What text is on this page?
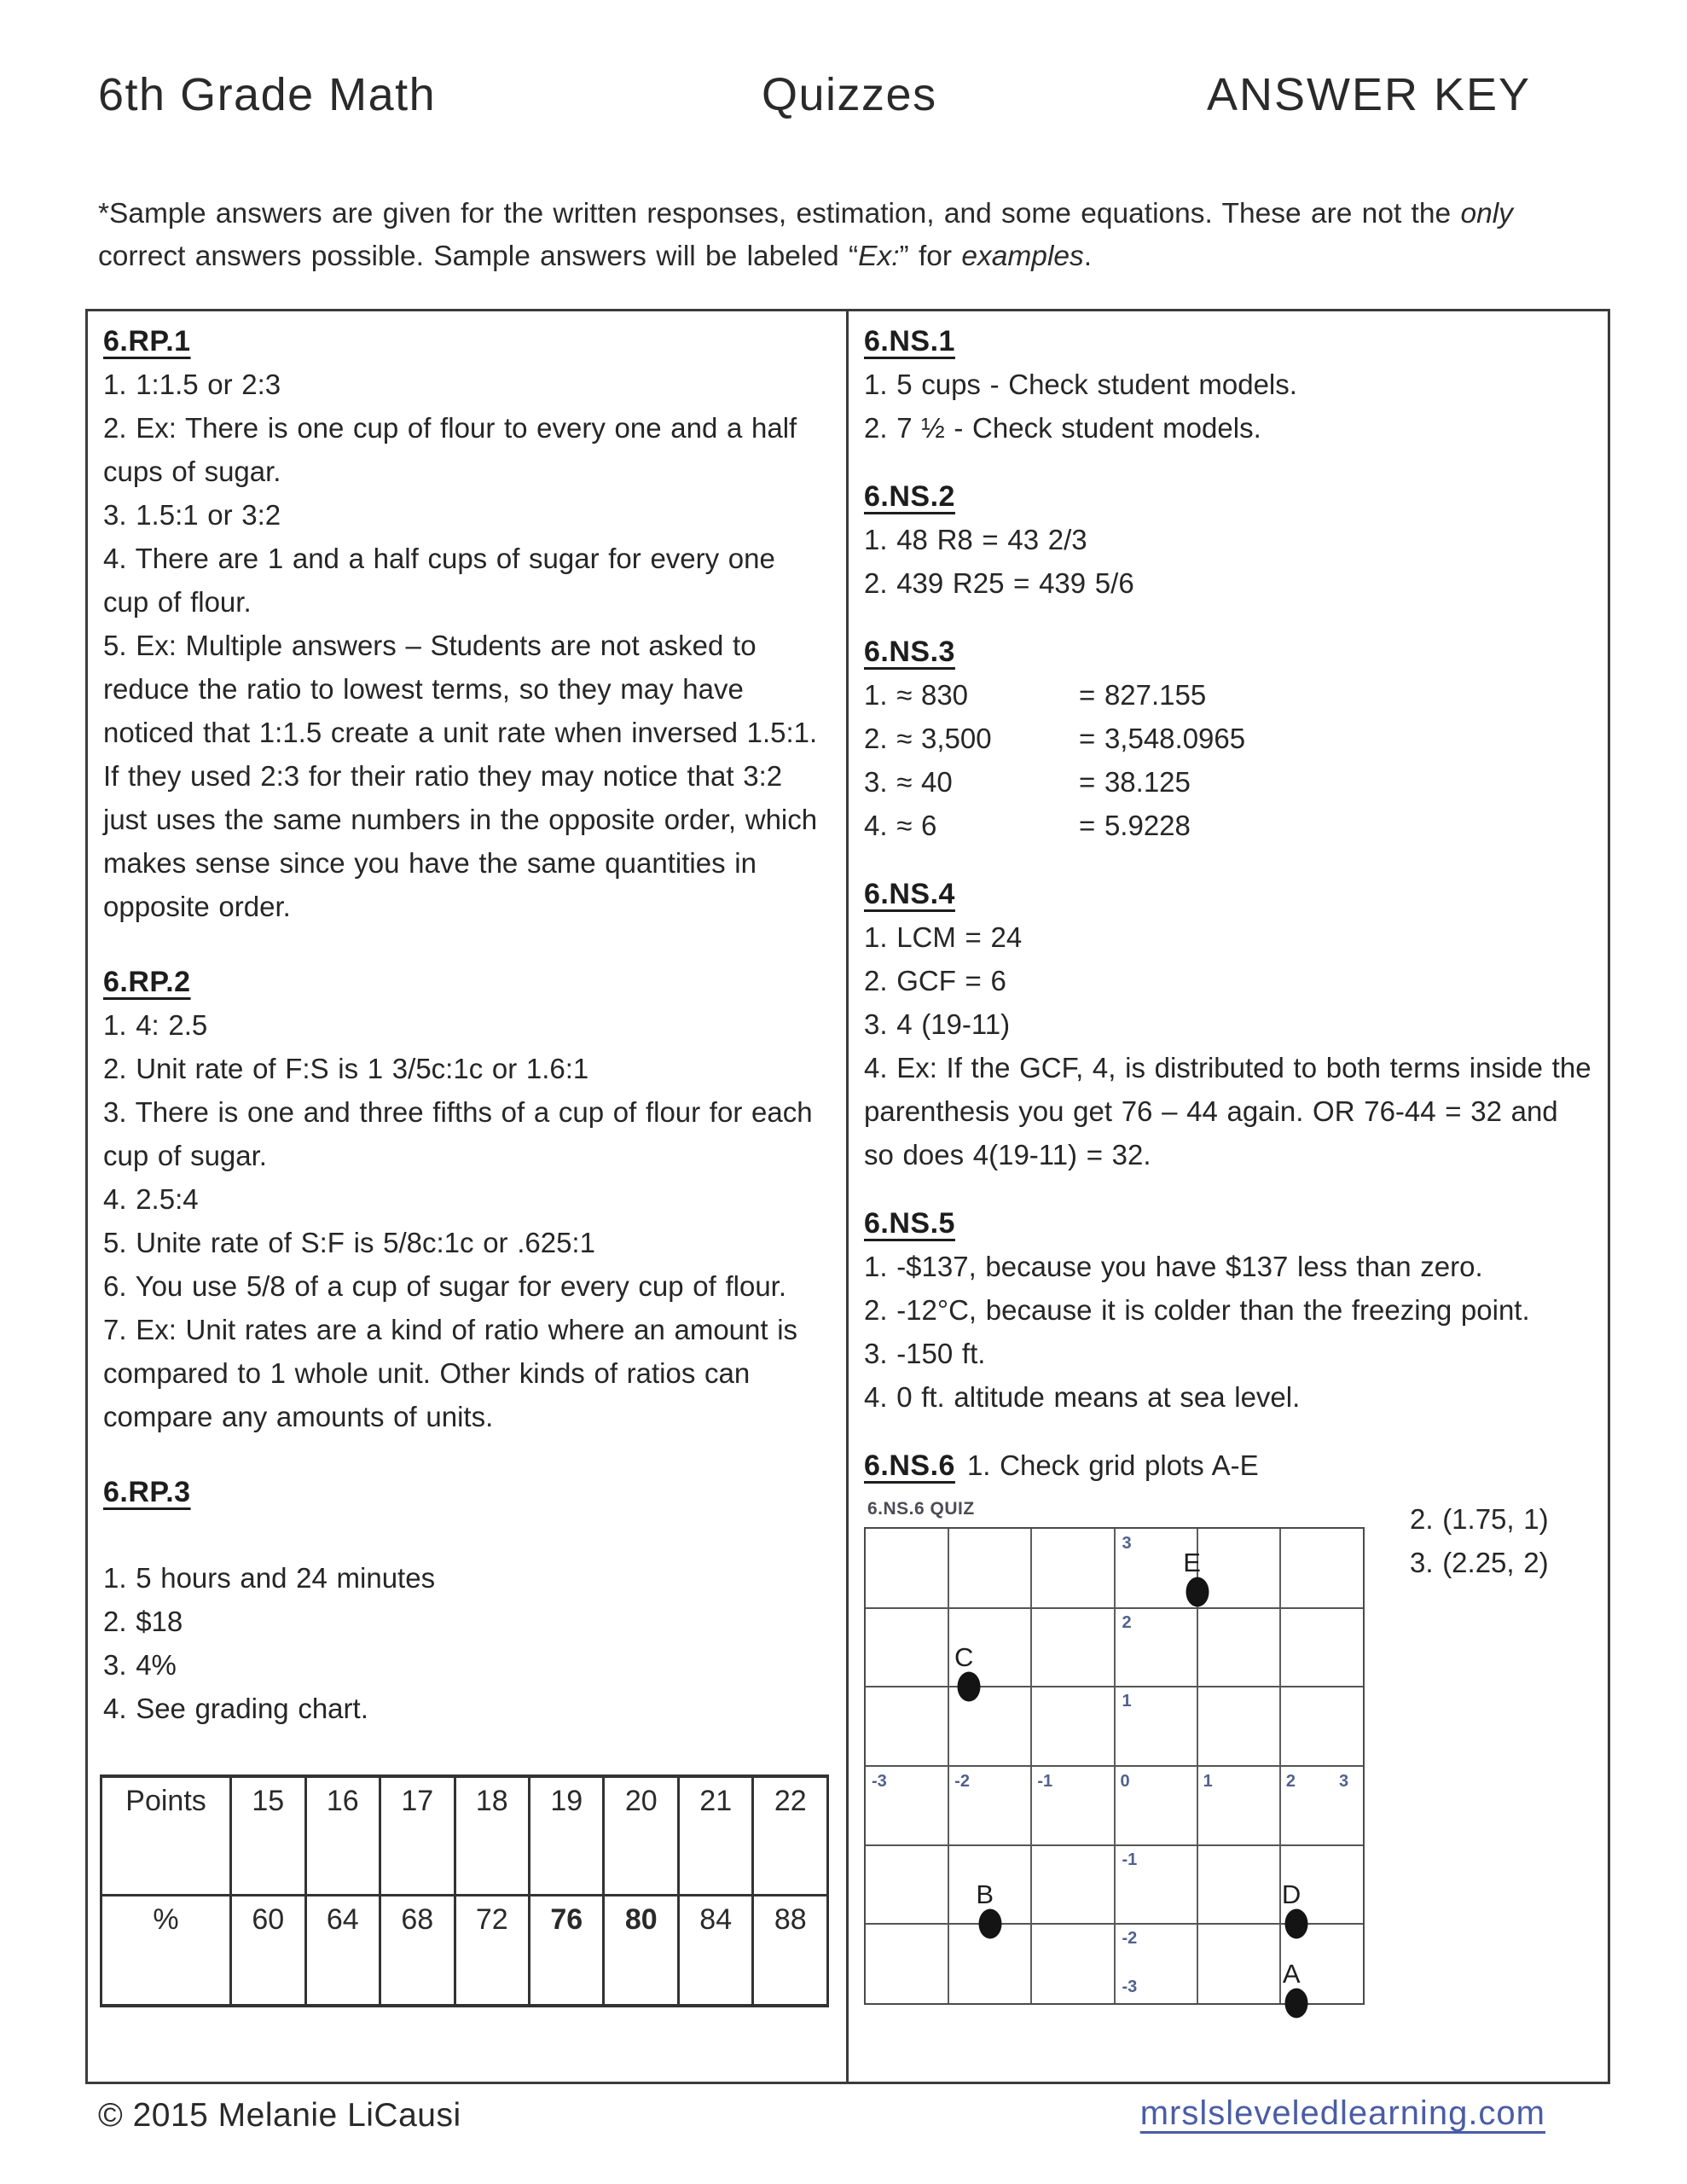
6th Grade Math	Quizzes	ANSWER KEY
*Sample answers are given for the written responses, estimation, and some equations. These are not the only correct answers possible. Sample answers will be labeled “Ex:” for examples.
6.RP.1
1. 1:1.5 or 2:3
2. Ex: There is one cup of flour to every one and a half cups of sugar.
3. 1.5:1 or 3:2
4. There are 1 and a half cups of sugar for every one cup of flour.
5. Ex: Multiple answers – Students are not asked to reduce the ratio to lowest terms, so they may have noticed that 1:1.5 create a unit rate when inversed 1.5:1. If they used 2:3 for their ratio they may notice that 3:2 just uses the same numbers in the opposite order, which makes sense since you have the same quantities in opposite order.
6.RP.2
1. 4: 2.5
2. Unit rate of F:S is 1 3/5c:1c or 1.6:1
3. There is one and three fifths of a cup of flour for each cup of sugar.
4. 2.5:4
5. Unite rate of S:F is 5/8c:1c or .625:1
6. You use 5/8 of a cup of sugar for every cup of flour.
7. Ex: Unit rates are a kind of ratio where an amount is compared to 1 whole unit. Other kinds of ratios can compare any amounts of units.
6.RP.3
1. 5 hours and 24 minutes
2. $18
3. 4%
4. See grading chart.
Points	15	16	17	18	19	20	21	22
%	60	64	68	72	76	80	84	88
6.NS.1
1. 5 cups - Check student models.
2. 7 ½ - Check student models.
6.NS.2
1. 48 R8 = 43 2/3
2. 439 R25 = 439 5/6
6.NS.3
1. ≈ 830	= 827.155
2. ≈ 3,500	= 3,548.0965
3. ≈ 40	= 38.125
4. ≈ 6	= 5.9228
6.NS.4
1. LCM = 24
2. GCF = 6
3. 4 (19-11)
4. Ex: If the GCF, 4, is distributed to both terms inside the parenthesis you get 76 – 44 again. OR 76-44 = 32 and so does 4(19-11) = 32.
6.NS.5
1. -$137, because you have $137 less than zero.
2. -12°C, because it is colder than the freezing point.
3. -150 ft.
4. 0 ft. altitude means at sea level.
6.NS.6 1. Check grid plots A-E
6.NS.6 QUIZ
-3	-2	-1	0	1	2	3
3
2
1
-1
-2
-3	A
B
C
D
E
2. (1.75, 1)
3. (2.25, 2)
© 2015 Melanie LiCausi	mrslsleveledlearning.com
